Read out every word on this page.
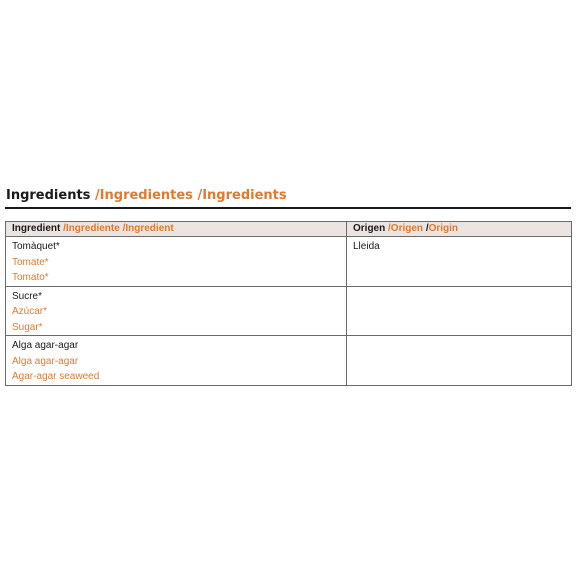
Ingredients /Ingredientes /Ingredients
Ingredient /Ingrediente /Ingredient	Origen /Origen /Origin

Tomàquet*
Tomate*
Tomato*	Lleida

Sucre*
Azúcar*
Sugar*	

Alga agar-agar
Alga agar-agar
Agar-agar seaweed	
